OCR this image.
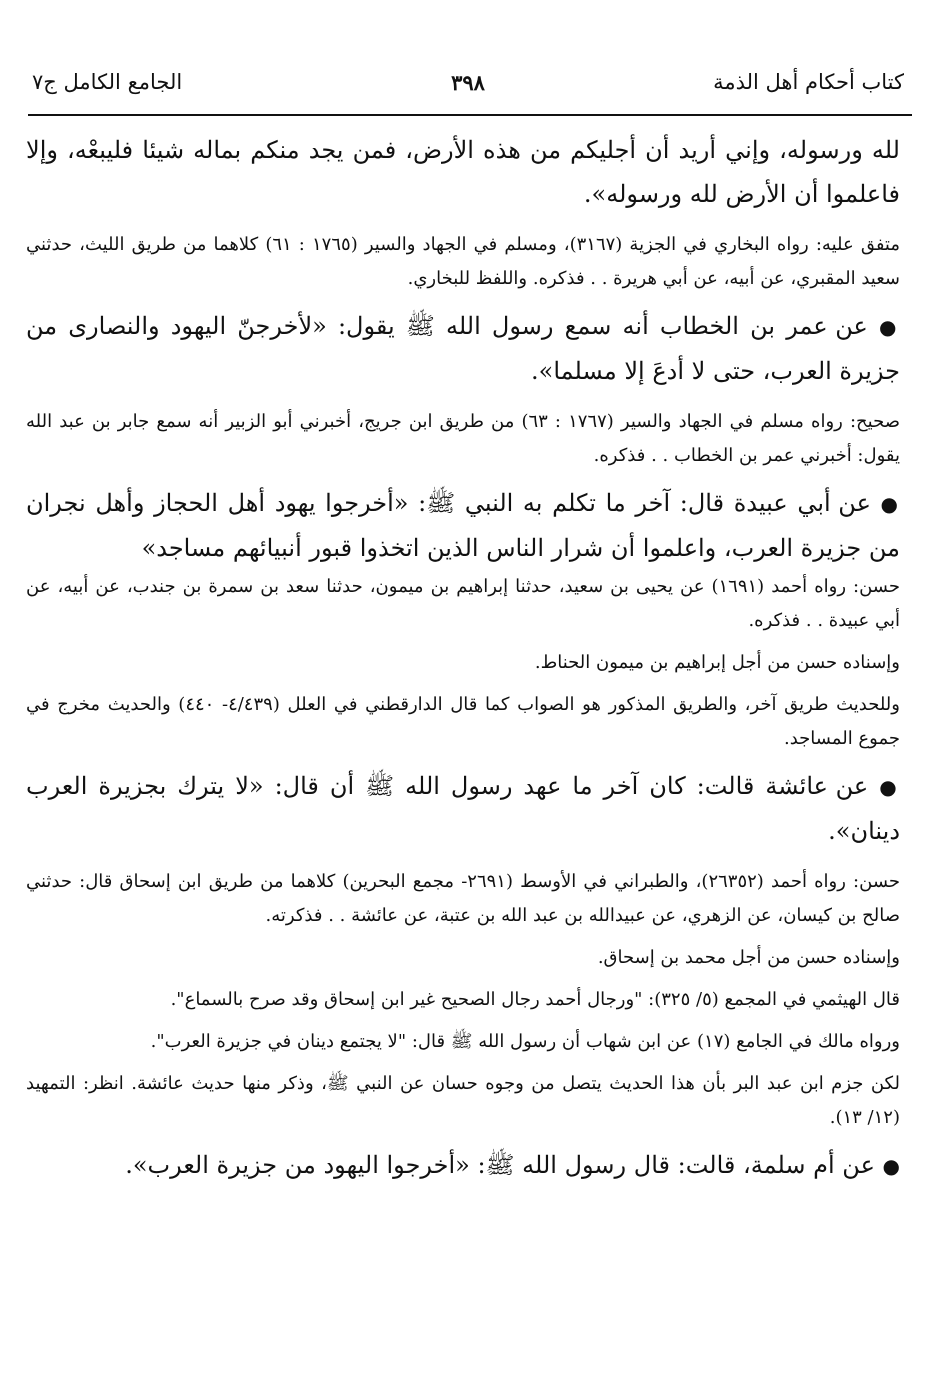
كتاب أحكام أهل الذمة
٣٩٨
الجامع الكامل ج٧

لله ورسوله، وإني أريد أن أجليكم من هذه الأرض، فمن يجد منكم بماله شيئا فليبعْه، وإلا فاعلموا أن الأرض لله ورسوله».

متفق عليه: رواه البخاري في الجزية (٣١٦٧)، ومسلم في الجهاد والسير (١٧٦٥ : ٦١) كلاهما من طريق الليث، حدثني سعيد المقبري، عن أبيه، عن أبي هريرة . . فذكره. واللفظ للبخاري.

● عن عمر بن الخطاب أنه سمع رسول الله ﷺ يقول: «لأخرجنّ اليهود والنصارى من جزيرة العرب، حتى لا أدعَ إلا مسلما».

صحيح: رواه مسلم في الجهاد والسير (١٧٦٧ : ٦٣) من طريق ابن جريج، أخبرني أبو الزبير أنه سمع جابر بن عبد الله يقول: أخبرني عمر بن الخطاب . . فذكره.

● عن أبي عبيدة قال: آخر ما تكلم به النبي ﷺ: «أخرجوا يهود أهل الحجاز وأهل نجران من جزيرة العرب، واعلموا أن شرار الناس الذين اتخذوا قبور أنبيائهم مساجد»

حسن: رواه أحمد (١٦٩١) عن يحيى بن سعيد، حدثنا إبراهيم بن ميمون، حدثنا سعد بن سمرة بن جندب، عن أبيه، عن أبي عبيدة . . فذكره.

وإسناده حسن من أجل إبراهيم بن ميمون الحناط.

وللحديث طريق آخر، والطريق المذكور هو الصواب كما قال الدارقطني في العلل (٤/٤٣٩- ٤٤٠) والحديث مخرج في جموع المساجد.

● عن عائشة قالت: كان آخر ما عهد رسول الله ﷺ أن قال: «لا يترك بجزيرة العرب دينان».

حسن: رواه أحمد (٢٦٣٥٢)، والطبراني في الأوسط (٢٦٩١- مجمع البحرين) كلاهما من طريق ابن إسحاق قال: حدثني صالح بن كيسان، عن الزهري، عن عبيدالله بن عبد الله بن عتبة، عن عائشة . . فذكرته.

وإسناده حسن من أجل محمد بن إسحاق.

قال الهيثمي في المجمع (٥/ ٣٢٥): "ورجال أحمد رجال الصحيح غير ابن إسحاق وقد صرح بالسماع".

ورواه مالك في الجامع (١٧) عن ابن شهاب أن رسول الله ﷺ قال: "لا يجتمع دينان في جزيرة العرب".

لكن جزم ابن عبد البر بأن هذا الحديث يتصل من وجوه حسان عن النبي ﷺ، وذكر منها حديث عائشة. انظر: التمهيد (١٢/ ١٣).

● عن أم سلمة، قالت: قال رسول الله ﷺ: «أخرجوا اليهود من جزيرة العرب».
